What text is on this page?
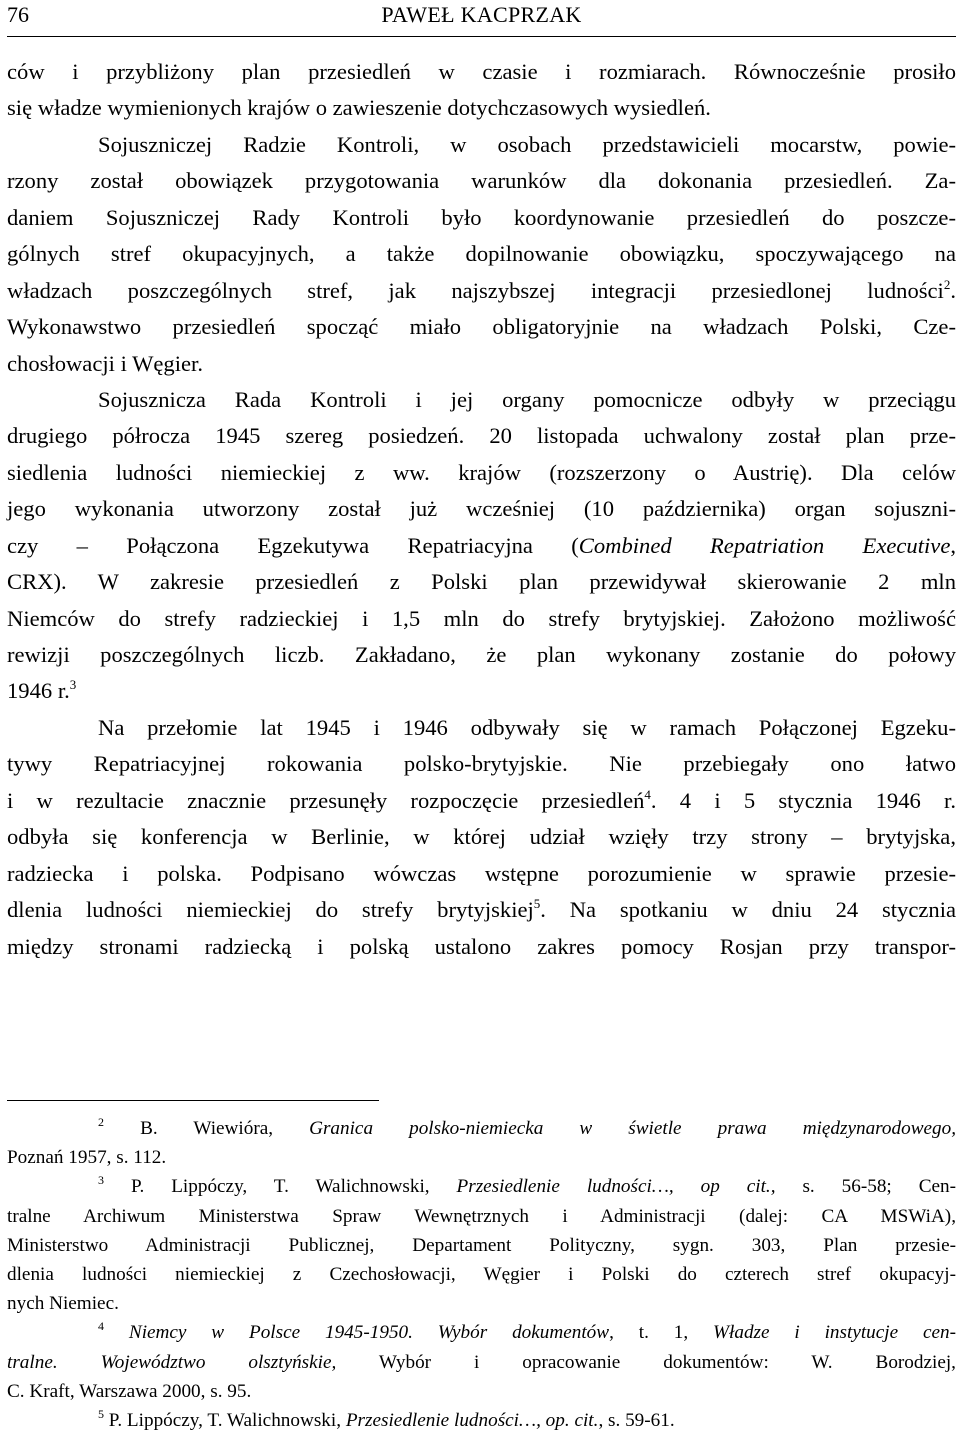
76	PAWEŁ KACPRZAK
ców i przybliżony plan przesiedleń w czasie i rozmiarach. Równocześnie prosiło
się władze wymienionych krajów o zawieszenie dotychczasowych wysiedleń.
Sojuszniczej Radzie Kontroli, w osobach przedstawicieli mocarstw, powie-
rzony został obowiązek przygotowania warunków dla dokonania przesiedleń. Za-
daniem Sojuszniczej Rady Kontroli było koordynowanie przesiedleń do poszcze-
gólnych stref okupacyjnych, a także dopilnowanie obowiązku, spoczywającego na
władzach poszczególnych stref, jak najszybszej integracji przesiedlonej ludności$^2$.
Wykonawstwo przesiedleń spocząć miało obligatoryjnie na władzach Polski, Cze-
chosłowacji i Węgier.
Sojusznicza Rada Kontroli i jej organy pomocnicze odbyły w przeciągu
drugiego półrocza 1945 szereg posiedzeń. 20 listopada uchwalony został plan prze-
siedlenia ludności niemieckiej z ww. krajów (rozszerzony o Austrię). Dla celów
jego wykonania utworzony został już wcześniej (10 października) organ sojuszni-
czy – Połączona Egzekutywa Repatriacyjna (Combined Repatriation Executive,
CRX). W zakresie przesiedleń z Polski plan przewidywał skierowanie 2 mln
Niemców do strefy radzieckiej i 1,5 mln do strefy brytyjskiej. Założono możliwość
rewizji poszczególnych liczb. Zakładano, że plan wykonany zostanie do połowy
1946 r.$^3$
Na przełomie lat 1945 i 1946 odbywały się w ramach Połączonej Egzeku-
tywy Repatriacyjnej rokowania polsko-brytyjskie. Nie przebiegały ono łatwo
i w rezultacie znacznie przesunęły rozpoczęcie przesiedleń$^4$. 4 i 5 stycznia 1946 r.
odbyła się konferencja w Berlinie, w której udział wzięły trzy strony – brytyjska,
radziecka i polska. Podpisano wówczas wstępne porozumienie w sprawie przesie-
dlenia ludności niemieckiej do strefy brytyjskiej$^5$. Na spotkaniu w dniu 24 stycznia
między stronami radziecką i polską ustalono zakres pomocy Rosjan przy transpor-
$^2$ B. Wiewióra, Granica polsko-niemiecka w świetle prawa międzynarodowego,
Poznań 1957, s. 112.
$^3$ P. Lippóczy, T. Walichnowski, Przesiedlenie ludności…, op cit., s. 56-58; Cen-
tralne Archiwum Ministerstwa Spraw Wewnętrznych i Administracji (dalej: CA MSWiA),
Ministerstwo Administracji Publicznej, Departament Polityczny, sygn. 303, Plan przesie-
dlenia ludności niemieckiej z Czechosłowacji, Węgier i Polski do czterech stref okupacyj-
nych Niemiec.
$^4$ Niemcy w Polsce 1945-1950. Wybór dokumentów, t. 1, Władze i instytucje cen-
tralne. Województwo olsztyńskie, Wybór i opracowanie dokumentów: W. Borodziej,
C. Kraft, Warszawa 2000, s. 95.
$^5$ P. Lippóczy, T. Walichnowski, Przesiedlenie ludności…, op. cit., s. 59-61.
